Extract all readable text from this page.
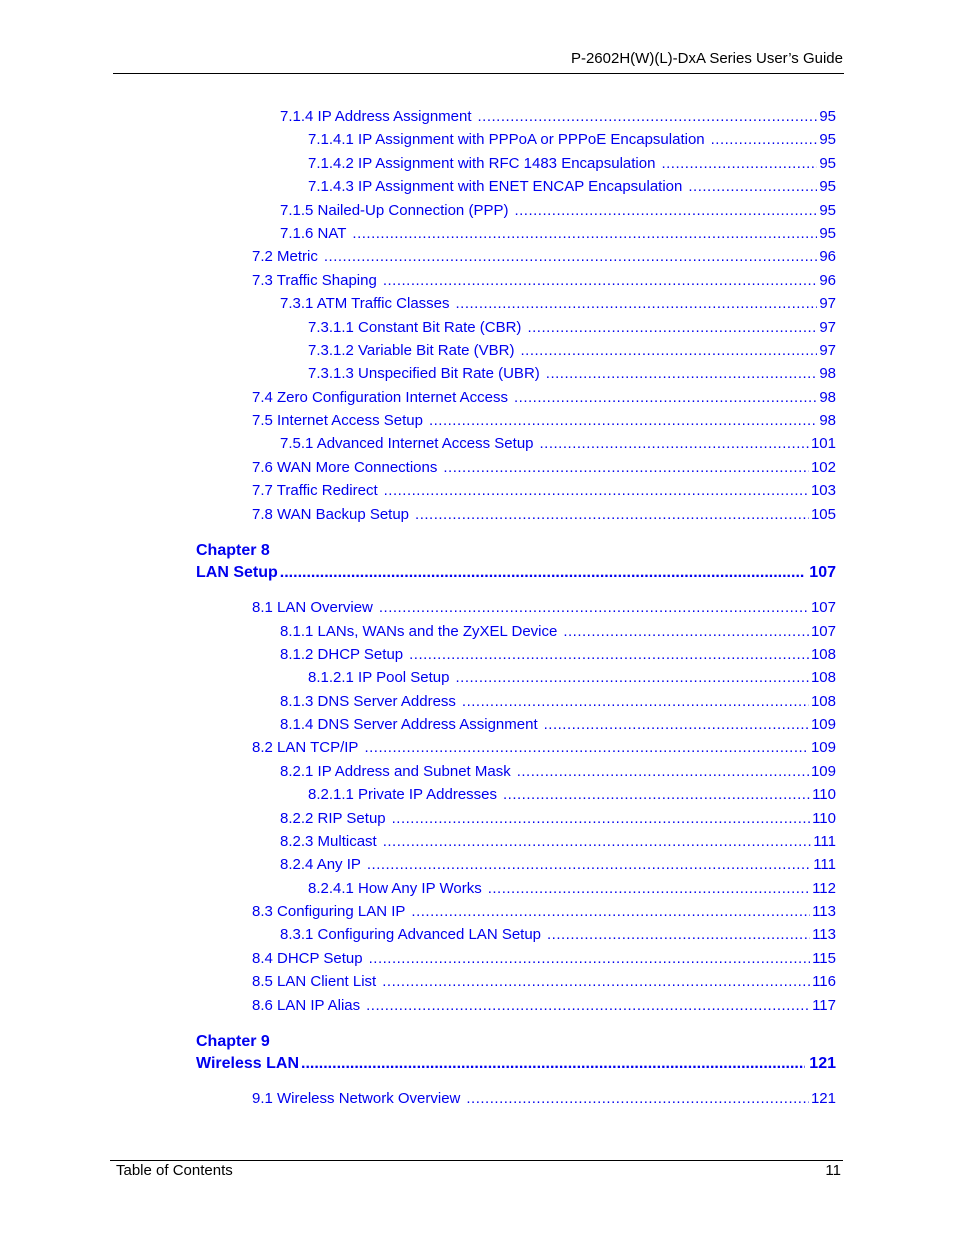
P-2602H(W)(L)-DxA Series User’s Guide
7.1.4 IP Address Assignment .....	95
7.1.4.1 IP Assignment with PPPoA or PPPoE Encapsulation .....	95
7.1.4.2 IP Assignment with RFC 1483 Encapsulation .....	95
7.1.4.3 IP Assignment with ENET ENCAP Encapsulation .....	95
7.1.5 Nailed-Up Connection (PPP) .....	95
7.1.6 NAT .....	95
7.2 Metric .....	96
7.3 Traffic Shaping .....	96
7.3.1 ATM Traffic Classes .....	97
7.3.1.1 Constant Bit Rate (CBR) .....	97
7.3.1.2 Variable Bit Rate (VBR) .....	97
7.3.1.3 Unspecified Bit Rate (UBR) .....	98
7.4 Zero Configuration Internet Access .....	98
7.5 Internet Access Setup .....	98
7.5.1 Advanced Internet Access Setup .....	101
7.6 WAN More Connections .....	102
7.7 Traffic Redirect .....	103
7.8 WAN Backup Setup .....	105
Chapter 8
LAN Setup .....	107
8.1 LAN Overview .....	107
8.1.1 LANs, WANs and the ZyXEL Device .....	107
8.1.2 DHCP Setup .....	108
8.1.2.1 IP Pool Setup .....	108
8.1.3 DNS Server Address .....	108
8.1.4 DNS Server Address Assignment .....	109
8.2 LAN TCP/IP .....	109
8.2.1 IP Address and Subnet Mask .....	109
8.2.1.1 Private IP Addresses .....	110
8.2.2 RIP Setup .....	110
8.2.3 Multicast .....	111
8.2.4 Any IP .....	111
8.2.4.1 How Any IP Works .....	112
8.3 Configuring LAN IP .....	113
8.3.1 Configuring Advanced LAN Setup .....	113
8.4 DHCP Setup .....	115
8.5 LAN Client List .....	116
8.6 LAN IP Alias .....	117
Chapter 9
Wireless LAN .....	121
9.1 Wireless Network Overview .....	121
Table of Contents	11
